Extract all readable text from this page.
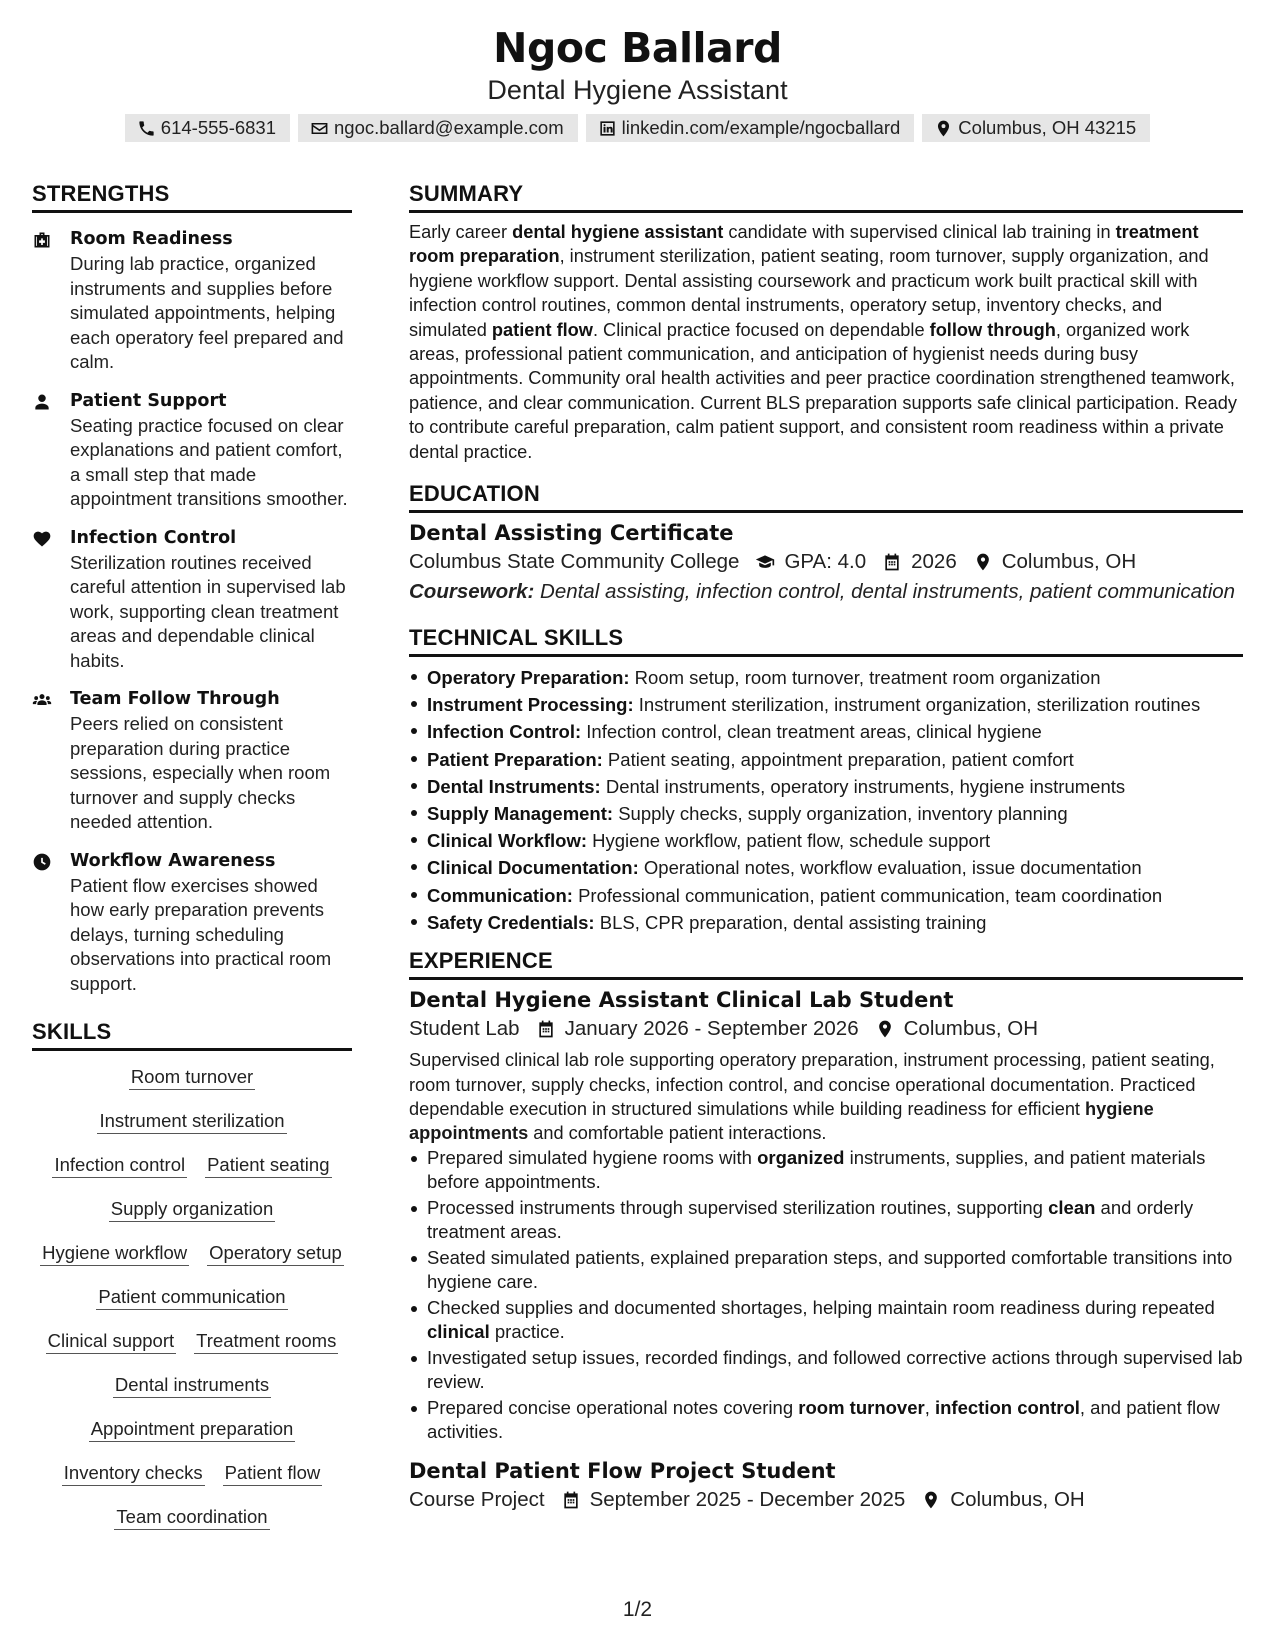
Ngoc Ballard
Dental Hygiene Assistant
614-555-6831	ngoc.ballard@example.com	linkedin.com/example/ngocballard	Columbus, OH 43215
STRENGTHS
Room Readiness
During lab practice, organized instruments and supplies before simulated appointments, helping each operatory feel prepared and calm.
Patient Support
Seating practice focused on clear explanations and patient comfort, a small step that made appointment transitions smoother.
Infection Control
Sterilization routines received careful attention in supervised lab work, supporting clean treatment areas and dependable clinical habits.
Team Follow Through
Peers relied on consistent preparation during practice sessions, especially when room turnover and supply checks needed attention.
Workflow Awareness
Patient flow exercises showed how early preparation prevents delays, turning scheduling observations into practical room support.
SKILLS
Room turnover
Instrument sterilization
Infection control Patient seating
Supply organization
Hygiene workflow Operatory setup
Patient communication
Clinical support Treatment rooms
Dental instruments
Appointment preparation
Inventory checks Patient flow
Team coordination
SUMMARY
Early career dental hygiene assistant candidate with supervised clinical lab training in treatment room preparation, instrument sterilization, patient seating, room turnover, supply organization, and hygiene workflow support. Dental assisting coursework and practicum work built practical skill with infection control routines, common dental instruments, operatory setup, inventory checks, and simulated patient flow. Clinical practice focused on dependable follow through, organized work areas, professional patient communication, and anticipation of hygienist needs during busy appointments. Community oral health activities and peer practice coordination strengthened teamwork, patience, and clear communication. Current BLS preparation supports safe clinical participation. Ready to contribute careful preparation, calm patient support, and consistent room readiness within a private dental practice.
EDUCATION
Dental Assisting Certificate
Columbus State Community College GPA: 4.0 2026 Columbus, OH
Coursework: Dental assisting, infection control, dental instruments, patient communication
TECHNICAL SKILLS
Operatory Preparation: Room setup, room turnover, treatment room organization
Instrument Processing: Instrument sterilization, instrument organization, sterilization routines
Infection Control: Infection control, clean treatment areas, clinical hygiene
Patient Preparation: Patient seating, appointment preparation, patient comfort
Dental Instruments: Dental instruments, operatory instruments, hygiene instruments
Supply Management: Supply checks, supply organization, inventory planning
Clinical Workflow: Hygiene workflow, patient flow, schedule support
Clinical Documentation: Operational notes, workflow evaluation, issue documentation
Communication: Professional communication, patient communication, team coordination
Safety Credentials: BLS, CPR preparation, dental assisting training
EXPERIENCE
Dental Hygiene Assistant Clinical Lab Student
Student Lab January 2026 - September 2026 Columbus, OH
Supervised clinical lab role supporting operatory preparation, instrument processing, patient seating, room turnover, supply checks, infection control, and concise operational documentation. Practiced dependable execution in structured simulations while building readiness for efficient hygiene appointments and comfortable patient interactions.
Prepared simulated hygiene rooms with organized instruments, supplies, and patient materials before appointments.
Processed instruments through supervised sterilization routines, supporting clean and orderly treatment areas.
Seated simulated patients, explained preparation steps, and supported comfortable transitions into hygiene care.
Checked supplies and documented shortages, helping maintain room readiness during repeated clinical practice.
Investigated setup issues, recorded findings, and followed corrective actions through supervised lab review.
Prepared concise operational notes covering room turnover, infection control, and patient flow activities.
Dental Patient Flow Project Student
Course Project September 2025 - December 2025 Columbus, OH
1/2
